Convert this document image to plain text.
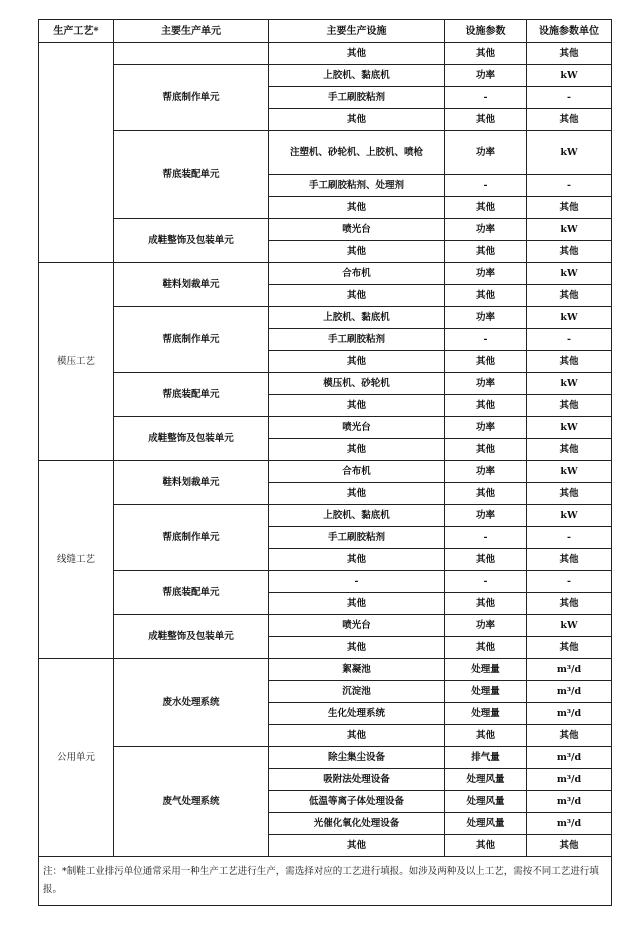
生产工艺*	主要生产单元	主要生产设施	设施参数	设施参数单位
		其他	其他	其他
	帮底制作单元	上胶机、黏底机	功率	kW
		手工刷胶粘剂	-	-
		其他	其他	其他
	帮底装配单元	注塑机、砂轮机、上胶机、喷枪	功率	kW
		手工刷胶粘剂、处理剂	-	-
		其他	其他	其他
	成鞋整饰及包装单元	喷光台	功率	kW
		其他	其他	其他
模压工艺	鞋料划裁单元	合布机	功率	kW
		其他	其他	其他
	帮底制作单元	上胶机、黏底机	功率	kW
		手工刷胶粘剂	-	-
		其他	其他	其他
	帮底装配单元	模压机、砂轮机	功率	kW
		其他	其他	其他
	成鞋整饰及包装单元	喷光台	功率	kW
		其他	其他	其他
线缝工艺	鞋料划裁单元	合布机	功率	kW
		其他	其他	其他
	帮底制作单元	上胶机、黏底机	功率	kW
		手工刷胶粘剂	-	-
		其他	其他	其他
	帮底装配单元	-	-	-
		其他	其他	其他
	成鞋整饰及包装单元	喷光台	功率	kW
		其他	其他	其他
公用单元	废水处理系统	絮凝池	处理量	m³/d
		沉淀池	处理量	m³/d
		生化处理系统	处理量	m³/d
		其他	其他	其他
	废气处理系统	除尘集尘设备	排气量	m³/d
		吸附法处理设备	处理风量	m³/d
		低温等离子体处理设备	处理风量	m³/d
		光催化氧化处理设备	处理风量	m³/d
		其他	其他	其他
注：*制鞋工业排污单位通常采用一种生产工艺进行生产，需选择对应的工艺进行填报。如涉及两种及以上工艺，需按不同工艺进行填报。				
